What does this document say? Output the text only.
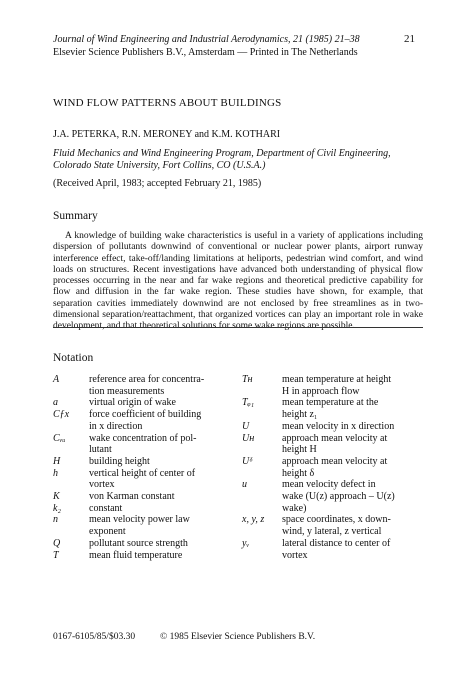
Journal of Wind Engineering and Industrial Aerodynamics, 21 (1985) 21–38
Elsevier Science Publishers B.V., Amsterdam — Printed in The Netherlands
21
WIND FLOW PATTERNS ABOUT BUILDINGS
J.A. PETERKA, R.N. MERONEY and K.M. KOTHARI
Fluid Mechanics and Wind Engineering Program, Department of Civil Engineering, Colorado State University, Fort Collins, CO (U.S.A.)
(Received April, 1983; accepted February 21, 1985)
Summary
A knowledge of building wake characteristics is useful in a variety of applications including dispersion of pollutants downwind of conventional or nuclear power plants, airport runway interference effect, take-off/landing limitations at heliports, pedestrian wind comfort, and wind loads on structures. Recent investigations have advanced both understanding of physical flow processes occurring in the near and far wake regions and theoretical predictive capability for flow and diffusion in the far wake region. These studies have shown, for example, that separation cavities immediately downwind are not enclosed by free streamlines as in two-dimensional separation/reattachment, that organized vortices can play an important role in wake development, and that theoretical solutions for some wake regions are possible.
Notation
A	reference area for concentra-
tion measurements
a	virtual origin of wake
Cƒx	force coefficient of building
in x direction
Cᵥᵤ	wake concentration of pol-
lutant
H	building height
h	vertical height of center of
vortex
K	von Karman constant
k₂	constant
n	mean velocity power law
exponent
Q	pollutant source strength
T	mean fluid temperature
Tʜ	mean temperature at height
H in approach flow
Tᵩ₁	mean temperature at the
height z₁
U	mean velocity in x direction
Uʜ	approach mean velocity at
height H
Uᵟ	approach mean velocity at
height δ
u	mean velocity defect in
wake (U(z) approach – U(z)
wake)
x, y, z	space coordinates, x down-
wind, y lateral, z vertical
yᵥ	lateral distance to center of
vortex
0167-6105/85/$03.30	© 1985 Elsevier Science Publishers B.V.
